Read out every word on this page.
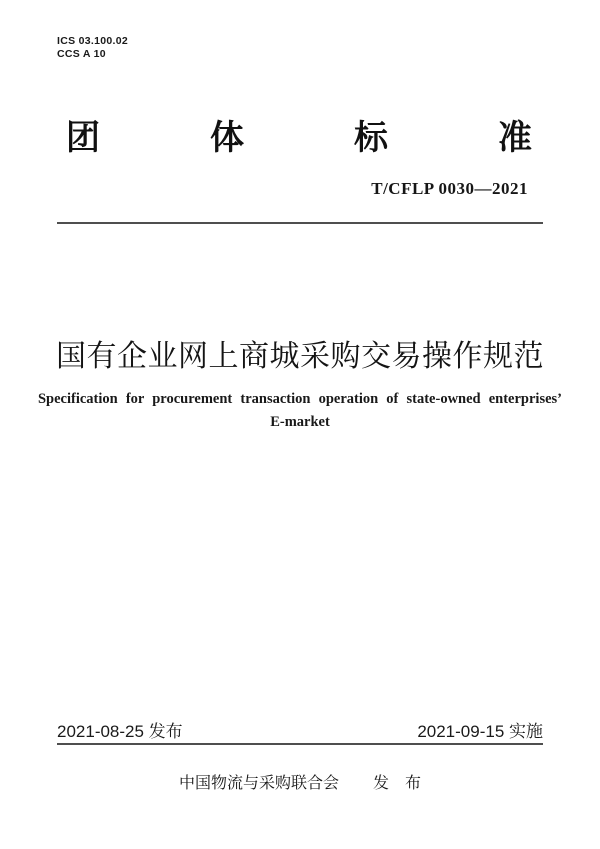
ICS 03.100.02
CCS A 10
团	体	标	准
T/CFLP 0030—2021
国有企业网上商城采购交易操作规范
Specification for procurement transaction operation of state-owned enterprises’
E-market
2021-08-25 发布	2021-09-15 实施
中国物流与采购联合会 发　布
